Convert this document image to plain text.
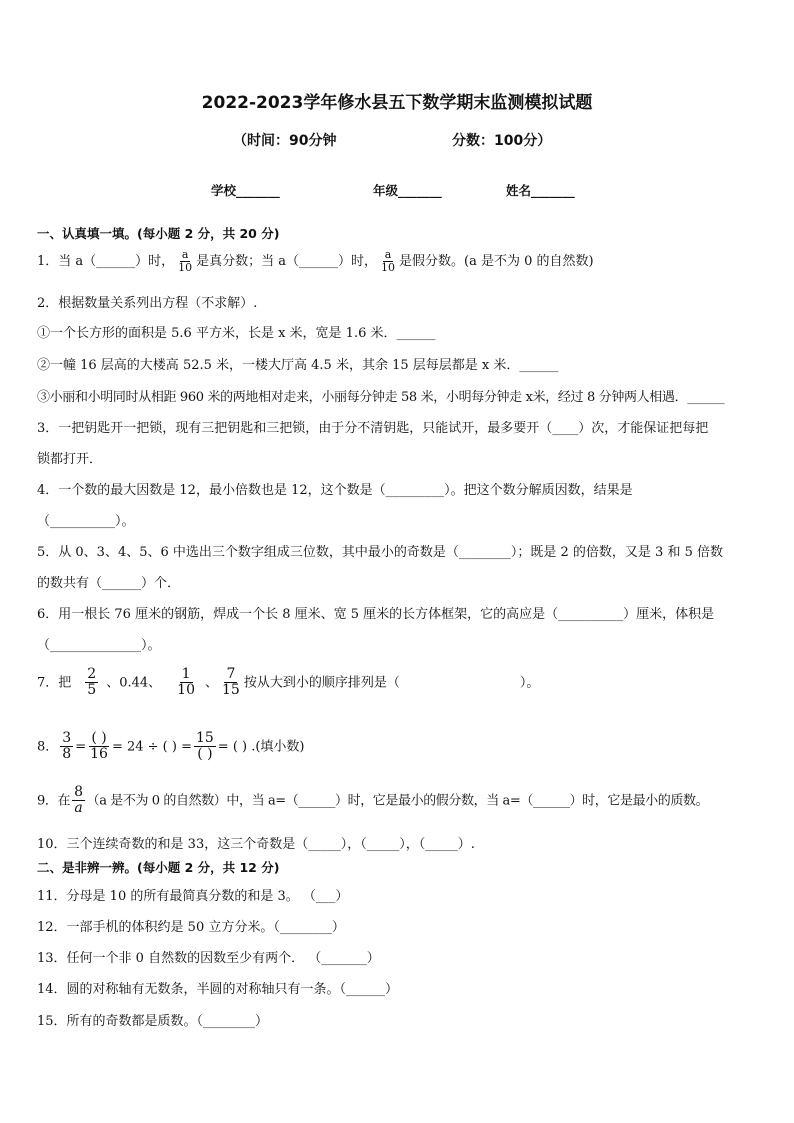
2022-2023学年修水县五下数学期末监测模拟试题
（时间：90分钟	分数：100分）
学校_______	年级_______	姓名_______
一、认真填一填。(每小题 2 分，共 20 分)
1．当 a（______）时， $\frac{a}{10}$ 是真分数；当 a（______）时， $\frac{a}{10}$ 是假分数。(a 是不为 0 的自然数)
2．根据数量关系列出方程（不求解）.
①一个长方形的面积是 5.6 平方米，长是 x 米，宽是 1.6 米．______
②一幢 16 层高的大楼高 52.5 米，一楼大厅高 4.5 米，其余 15 层每层都是 x 米．______
③小丽和小明同时从相距 960 米的两地相对走来，小丽每分钟走 58 米，小明每分钟走 x米，经过 8 分钟两人相遇．______
3．一把钥匙开一把锁，现有三把钥匙和三把锁，由于分不清钥匙，只能试开，最多要开（____）次，才能保证把每把
锁都打开．
4．一个数的最大因数是 12，最小倍数也是 12，这个数是（_________）。把这个数分解质因数，结果是
（__________）。
5．从 0、3、4、5、6 中选出三个数字组成三位数，其中最小的奇数是（________）；既是 2 的倍数，又是 3 和 5 倍数
的数共有（______）个．
6．用一根长 76 厘米的钢筋，焊成一个长 8 厘米、宽 5 厘米的长方体框架，它的高应是（__________）厘米，体积是
（______________）。
7．把 $\frac{2}{5}$ 、0.44、 $\frac{1}{10}$ 、 $\frac{7}{15}$ 按从大到小的顺序排列是（	）。
8． $\frac{3}{8} = \frac{( )}{16} = 24$ ÷ ( ) = $\frac{15}{( )}$ = ( ) .(填小数)
9．在 $\frac{8}{a} (a$ 是不为 0 的自然数）中，当 a=（______）时，它是最小的假分数，当 a=（______）时，它是最小的质数。
10．三个连续奇数的和是 33，这三个奇数是（_____），（_____），（_____）.
二、是非辨一辨。(每小题 2 分，共 12 分)
11．分母是 10 的所有最简真分数的和是 3。 （___）
12．一部手机的体积约是 50 立方分米。（________）
13．任何一个非 0 自然数的因数至少有两个． （_______）
14．圆的对称轴有无数条，半圆的对称轴只有一条。（______）
15．所有的奇数都是质数。（________）
